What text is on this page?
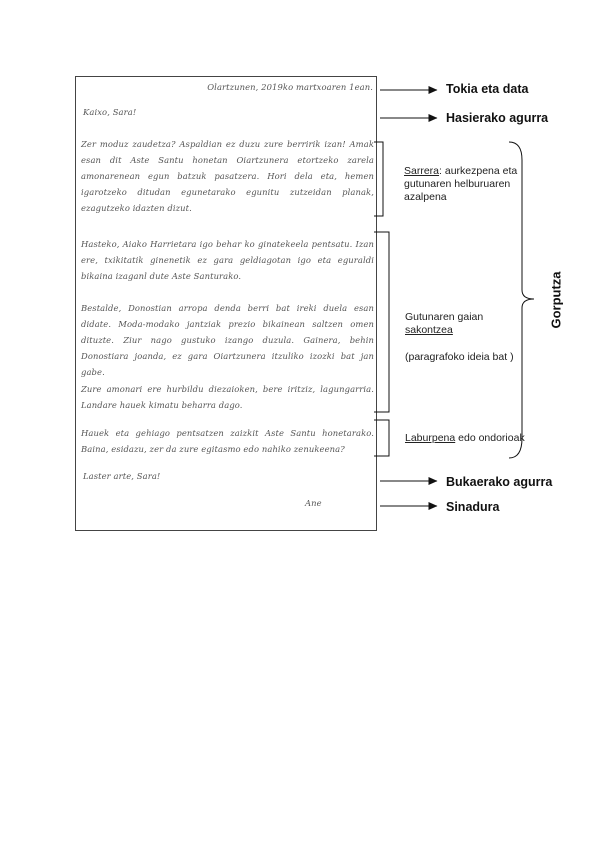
Olartzunen, 2019ko martxoaren 1ean.
Kaixo, Sara!
Zer moduz zaudetza? Aspaldian ez duzu zure berririk izan! Amak esan dit Aste Santu honetan Oiartzunera etortzeko zarela amonarenean egun batzuk pasatzera. Hori dela eta, hemen igarotzeko ditudan egunetarako egunitu zutzeidan planak, ezagutzeko idazten dizut.
Hasteko, Aiako Harrietara igo behar ko ginatekeela pentsatu. Izan ere, txikitatik ginenetik ez gara geldiagotan igo eta eguraldi bikaina izaganl dute Aste Santurako.
Bestalde, Donostian arropa denda berri bat ireki duela esan didate. Moda-modako jantziak prezio bikainean saltzen omen dituzte. Ziur nago gustuko izango duzula. Gainera, behin Donostiara joanda, ez gara Oiartzunera itzuliko izozki bat jan gabe.
Zure amonari ere hurbildu diezaioken, bere iritziz, lagungarria. Landare hauek kimatu beharra dago.
Hauek eta gehiago pentsatzen zaizkit Aste Santu honetarako. Baina, esidazu, zer da zure egitasmo edo nahiko zenukeena?
Laster arte, Sara!
Ane
Tokia eta data
Hasierako agurra
Sarrera: aurkezpena eta
gutunaren helburuaren
azalpena
Gutunaren gaian
sakontzea
(paragrafoko ideia bat )
Laburpena edo ondorioak
Gorputza
Bukaerako agurra
Sinadura
